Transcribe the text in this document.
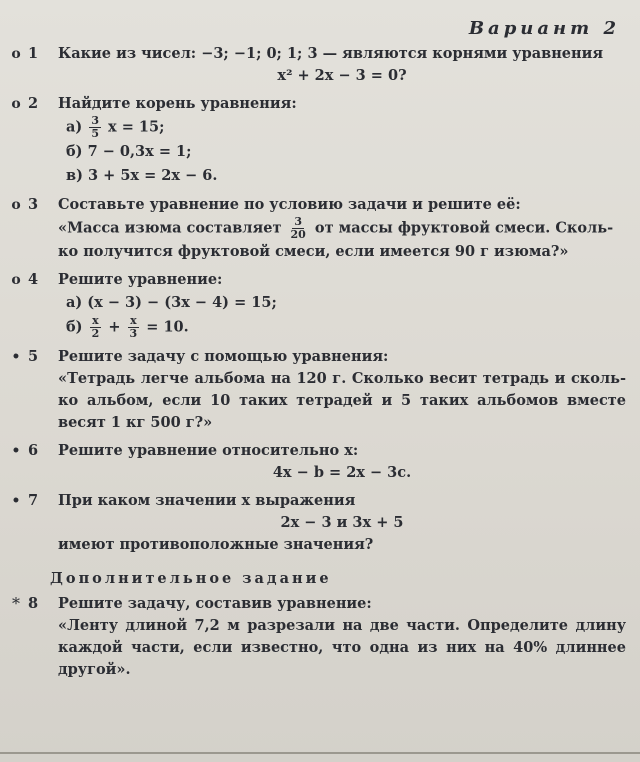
Вариант 2
o 1 Какие из чисел: −3; −1; 0; 1; 3 — являются корнями уравнения
x² + 2x − 3 = 0?
o 2 Найдите корень уравнения:
$а) \frac{3}{5}$ x = 15;
б) 7 − 0,3x = 1;
в) 3 + 5x = 2x − 6.
o 3 Составьте уравнение по условию задачи и решите её:
«Масса изюма составляет $\frac{3}{20}$ от массы фруктовой смеси. Сколь-
ко получится фруктовой смеси, если имеется 90 г изюма?»
o 4 Решите уравнение:
а) (x − 3) − (3x − 4) = 15;
$б) \frac{x}{2} + \frac{x}{3} = 10$.
• 5 Решите задачу с помощью уравнения:
«Тетрадь легче альбома на 120 г. Сколько весит тетрадь и сколь-ко альбом, если 10 таких тетрадей и 5 таких альбомов вместе весят 1 кг 500 г?»
• 6 Решите уравнение относительно x:
4x − b = 2x − 3c.
• 7 При каком значении x выражения
2x − 3 и 3x + 5
имеют противоположные значения?
Дополнительное задание
* 8 Решите задачу, составив уравнение:
«Ленту длиной 7,2 м разрезали на две части. Определите длину каждой части, если известно, что одна из них на 40% длиннее другой».
